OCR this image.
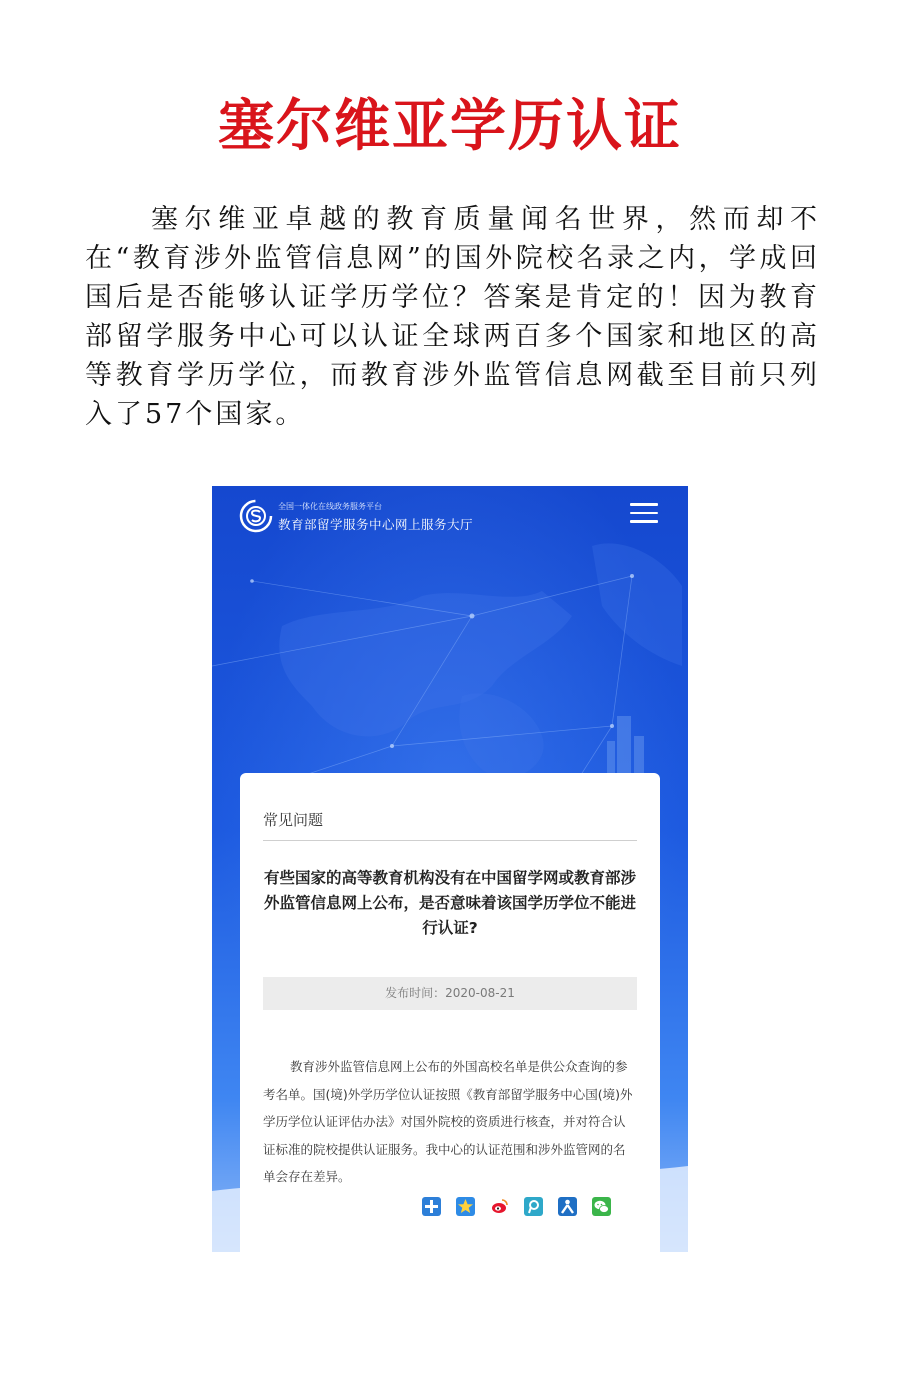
塞尔维亚学历认证

塞尔维亚卓越的教育质量闻名世界，然而却不在“教育涉外监管信息网”的国外院校名录之内，学成回国后是否能够认证学历学位？答案是肯定的！因为教育部留学服务中心可以认证全球两百多个国家和地区的高等教育学历学位，而教育涉外监管信息网截至目前只列入了57个国家。

全国一体化在线政务服务平台
教育部留学服务中心网上服务大厅
常见问题
有些国家的高等教育机构没有在中国留学网或教育部涉外监管信息网上公布，是否意味着该国学历学位不能进行认证?
发布时间：2020-08-21

教育涉外监管信息网上公布的外国高校名单是供公众查询的参考名单。国(境)外学历学位认证按照《教育部留学服务中心国(境)外学历学位认证评估办法》对国外院校的资质进行核查，并对符合认证标准的院校提供认证服务。我中心的认证范围和涉外监管网的名单会存在差异。
